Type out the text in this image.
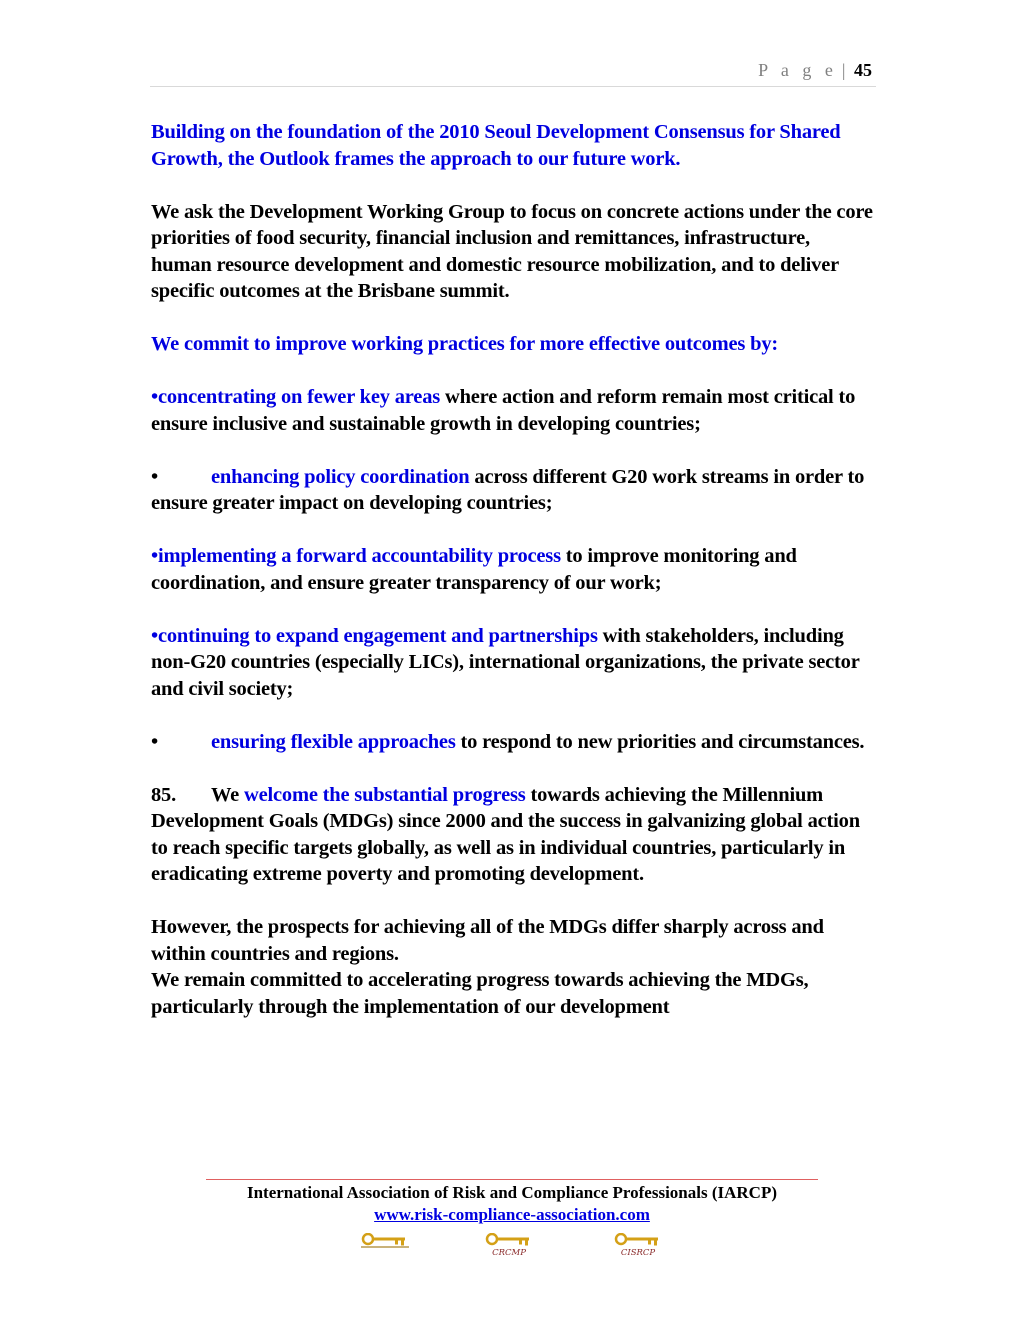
P a g e | 45

Building on the foundation of the 2010 Seoul Development Consensus for Shared Growth, the Outlook frames the approach to our future work.

We ask the Development Working Group to focus on concrete actions under the core priorities of food security, financial inclusion and remittances, infrastructure, human resource development and domestic resource mobilization, and to deliver specific outcomes at the Brisbane summit.

We commit to improve working practices for more effective outcomes by:

•concentrating on fewer key areas where action and reform remain most critical to ensure inclusive and sustainable growth in developing countries;

•	enhancing policy coordination across different G20 work streams in order to ensure greater impact on developing countries;

•implementing a forward accountability process to improve monitoring and coordination, and ensure greater transparency of our work;

•continuing to expand engagement and partnerships with stakeholders, including non-G20 countries (especially LICs), international organizations, the private sector and civil society;

•	ensuring flexible approaches to respond to new priorities and circumstances.

85. We welcome the substantial progress towards achieving the Millennium Development Goals (MDGs) since 2000 and the success in galvanizing global action to reach specific targets globally, as well as in individual countries, particularly in eradicating extreme poverty and promoting development.

However, the prospects for achieving all of the MDGs differ sharply across and within countries and regions.

We remain committed to accelerating progress towards achieving the MDGs, particularly through the implementation of our development

International Association of Risk and Compliance Professionals (IARCP)
www.risk-compliance-association.com
CRCMP	CISRCP
